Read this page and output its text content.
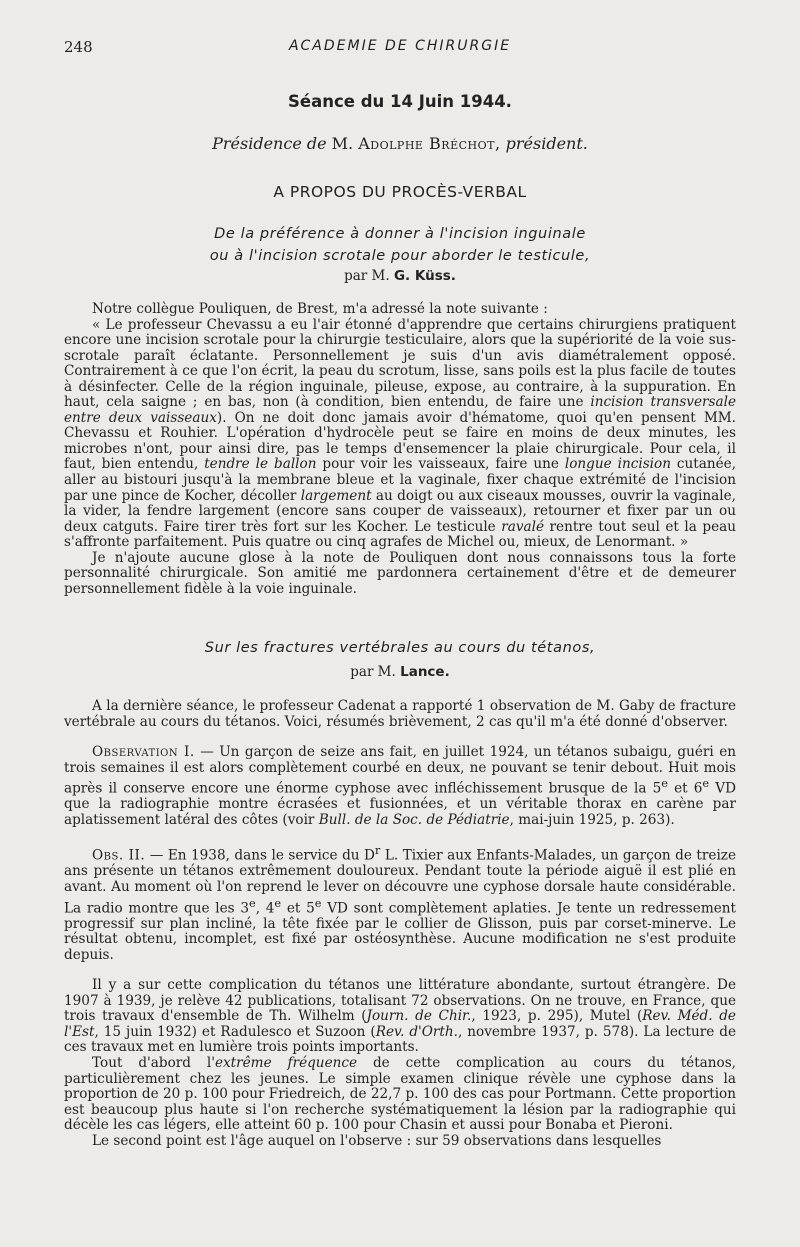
248	ACADEMIE DE CHIRURGIE
Séance du 14 Juin 1944.
Présidence de M. Adolphe Bréchot, président.
A PROPOS DU PROCÈS-VERBAL
De la préférence à donner à l'incision inguinale
ou à l'incision scrotale pour aborder le testicule,
par M. G. Küss.

Notre collègue Pouliquen, de Brest, m'a adressé la note suivante :

« Le professeur Chevassu a eu l'air étonné d'apprendre que certains chirurgiens pratiquent encore une incision scrotale pour la chirurgie testiculaire, alors que la supériorité de la voie sus-scrotale paraît éclatante. Personnellement je suis d'un avis diamétralement opposé. Contrairement à ce que l'on écrit, la peau du scrotum, lisse, sans poils est la plus facile de toutes à désinfecter. Celle de la région inguinale, pileuse, expose, au contraire, à la suppuration. En haut, cela saigne ; en bas, non (à condition, bien entendu, de faire une incision transversale entre deux vaisseaux). On ne doit donc jamais avoir d'hématome, quoi qu'en pensent MM. Chevassu et Rouhier. L'opération d'hydrocèle peut se faire en moins de deux minutes, les microbes n'ont, pour ainsi dire, pas le temps d'ensemencer la plaie chirurgicale. Pour cela, il faut, bien entendu, tendre le ballon pour voir les vaisseaux, faire une longue incision cutanée, aller au bistouri jusqu'à la membrane bleue et la vaginale, fixer chaque extrémité de l'incision par une pince de Kocher, décoller largement au doigt ou aux ciseaux mousses, ouvrir la vaginale, la vider, la fendre largement (encore sans couper de vaisseaux), retourner et fixer par un ou deux catguts. Faire tirer très fort sur les Kocher. Le testicule ravalé rentre tout seul et la peau s'affronte parfaitement. Puis quatre ou cinq agrafes de Michel ou, mieux, de Lenormant. »

Je n'ajoute aucune glose à la note de Pouliquen dont nous connaissons tous la forte personnalité chirurgicale. Son amitié me pardonnera certainement d'être et de demeurer personnellement fidèle à la voie inguinale.

Sur les fractures vertébrales au cours du tétanos,
par M. Lance.

A la dernière séance, le professeur Cadenat a rapporté 1 observation de M. Gaby de fracture vertébrale au cours du tétanos. Voici, résumés brièvement, 2 cas qu'il m'a été donné d'observer.

Observation I. — Un garçon de seize ans fait, en juillet 1924, un tétanos subaigu, guéri en trois semaines il est alors complètement courbé en deux, ne pouvant se tenir debout. Huit mois après il conserve encore une énorme cyphose avec infléchissement brusque de la 5e et 6e VD que la radiographie montre écrasées et fusionnées, et un véritable thorax en carène par aplatissement latéral des côtes (voir Bull. de la Soc. de Pédiatrie, mai-juin 1925, p. 263).

Obs. II. — En 1938, dans le service du $D^r$ L. Tixier aux Enfants-Malades, un garçon de treize ans présente un tétanos extrêmement douloureux. Pendant toute la période aiguë il est plié en avant. Au moment où l'on reprend le lever on découvre une cyphose dorsale haute considérable. La radio montre que les 3e, 4e et 5e VD sont complètement aplaties. Je tente un redressement progressif sur plan incliné, la tête fixée par le collier de Glisson, puis par corset-minerve. Le résultat obtenu, incomplet, est fixé par ostéosynthèse. Aucune modification ne s'est produite depuis.

Il y a sur cette complication du tétanos une littérature abondante, surtout étrangère. De 1907 à 1939, je relève 42 publications, totalisant 72 observations. On ne trouve, en France, que trois travaux d'ensemble de Th. Wilhelm (Journ. de Chir., 1923, p. 295), Mutel (Rev. Méd. de l'Est, 15 juin 1932) et Radulesco et Suzoon (Rev. d'Orth., novembre 1937, p. 578). La lecture de ces travaux met en lumière trois points importants.

Tout d'abord l'extrême fréquence de cette complication au cours du tétanos, particulièrement chez les jeunes. Le simple examen clinique révèle une cyphose dans la proportion de 20 p. 100 pour Friedreich, de 22,7 p. 100 des cas pour Portmann. Cette proportion est beaucoup plus haute si l'on recherche systématiquement la lésion par la radiographie qui décèle les cas légers, elle atteint 60 p. 100 pour Chasin et aussi pour Bonaba et Pieroni.

Le second point est l'âge auquel on l'observe : sur 59 observations dans lesquelles
